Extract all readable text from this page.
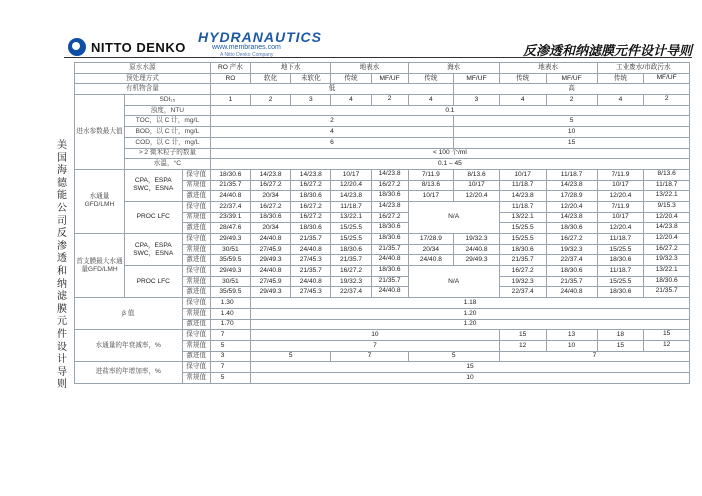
NITTO DENKO
HYDRANAUTICS
www.membranes.com
A Nitto Denko Company	反渗透和纳滤膜元件设计导则
美国海德能公司反渗透和纳滤膜元件设计导则
原水水源			RO 产水	地下水		地表水		海水		地表水		工业废水/市政污水	
预处理方式			RO	软化	未软化	传统	MF/UF	传统	MF/UF	传统	MF/UF	传统	MF/UF
有机物含量			低						高				
进水参数最大值	SDI₁₅		1	2	3	4	2	4	3	4	2	4	2
	浊度，NTU		0.1										
	TOC，以 C 计，mg/L		2						5				
	BOD，以 C 计，mg/L		4						10				
	COD，以 C 计，mg/L		6						15				
	> 2 微米粒子的数量		< 100 个/ml										
	水温，°C		0.1 – 45										
水通量GFD/LMH	CPA，ESPA SWC，ESNA	保守值	18/30.6	14/23.8	14/23.8	10/17	14/23.8	7/11.9	8/13.6	10/17	11/18.7	7/11.9	8/13.6
		常规值	21/35.7	16/27.2	16/27.2	12/20.4	16/27.2	8/13.6	10/17	11/18.7	14/23.8	10/17	11/18.7
		激进值	24/40.8	20/34	18/30.6	14/23.8	18/30.6	10/17	12/20.4	14/23.8	17/28.9	12/20.4	13/22.1
	PROC LFC	保守值	22/37.4	16/27.2	16/27.2	11/18.7	14/23.8	N/A		11/18.7	12/20.4	7/11.9	9/15.3
		常规值	23/39.1	18/30.6	16/27.2	13/22.1	16/27.2			13/22.1	14/23.8	10/17	12/20.4
		激进值	28/47.6	20/34	18/30.6	15/25.5	18/30.6			15/25.5	18/30.6	12/20.4	14/23.8
首支膜最大水通量GFD/LMH	CPA，ESPA SWC，ESNA	保守值	29/49.3	24/40.8	21/35.7	15/25.5	18/30.6	17/28.9	19/32.3	15/25.5	16/27.2	11/18.7	12/20.4
		常规值	30/51	27/45.9	24/40.8	18/30.6	21/35.7	20/34	24/40.8	18/30.6	19/32.3	15/25.5	16/27.2
		激进值	35/59.5	29/49.3	27/45.3	21/35.7	24/40.8	24/40.8	29/49.3	21/35.7	22/37.4	18/30.6	19/32.3
	PROC LFC	保守值	29/49.3	24/40.8	21/35.7	16/27.2	18/30.6	N/A		16/27.2	18/30.6	11/18.7	13/22.1
		常规值	30/51	27/45.9	24/40.8	19/32.3	21/35.7			19/32.3	21/35.7	15/25.5	18/30.6
		激进值	35/59.5	29/49.3	27/45.3	22/37.4	24/40.8			22/37.4	24/40.8	18/30.6	21/35.7
β 值		保守值	1.30	1.18									
		常规值	1.40	1.20									
		激进值	1.70	1.20									
水通量的年衰减率，%		保守值	7	10						15	13	18	15
		常规值	5	7						12	10	15	12
		激进值	3	5		7		5		7			
进盐率的年增加率，%		保守值	7	15									
		常规值	5	10									
